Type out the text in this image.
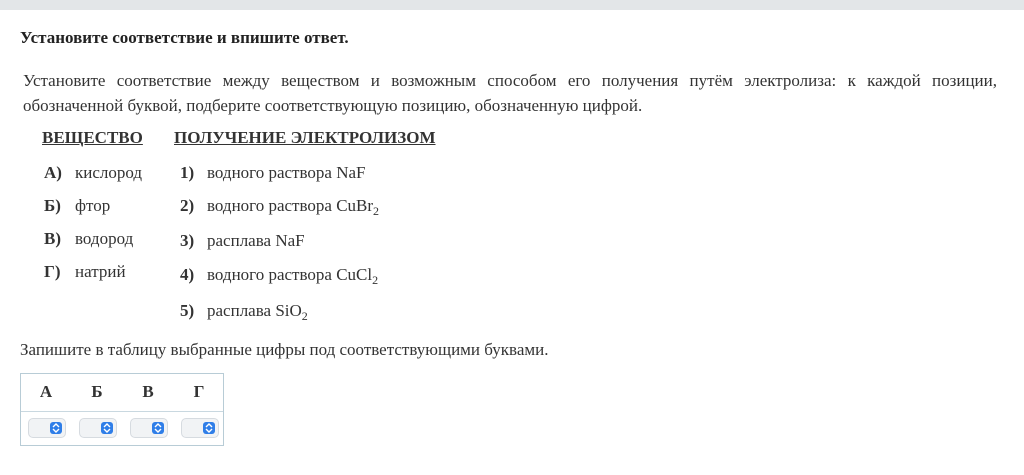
Установите соответствие и впишите ответ.
Установите соответствие между веществом и возможным способом его получения путём электролиза: к каждой позиции, обозначенной буквой, подберите соответствующую позицию, обозначенную цифрой.
ВЕЩЕСТВО ПОЛУЧЕНИЕ ЭЛЕКТРОЛИЗОМ
А) кислород
Б) фтор
В) водород
Г) натрий
1) водного раствора NaF
2) водного раствора CuBr$_2$
3) расплава NaF
4) водного раствора CuCl$_2$
5) расплава SiO$_2$
Запишите в таблицу выбранные цифры под соответствующими буквами.
А	Б	В	Г
